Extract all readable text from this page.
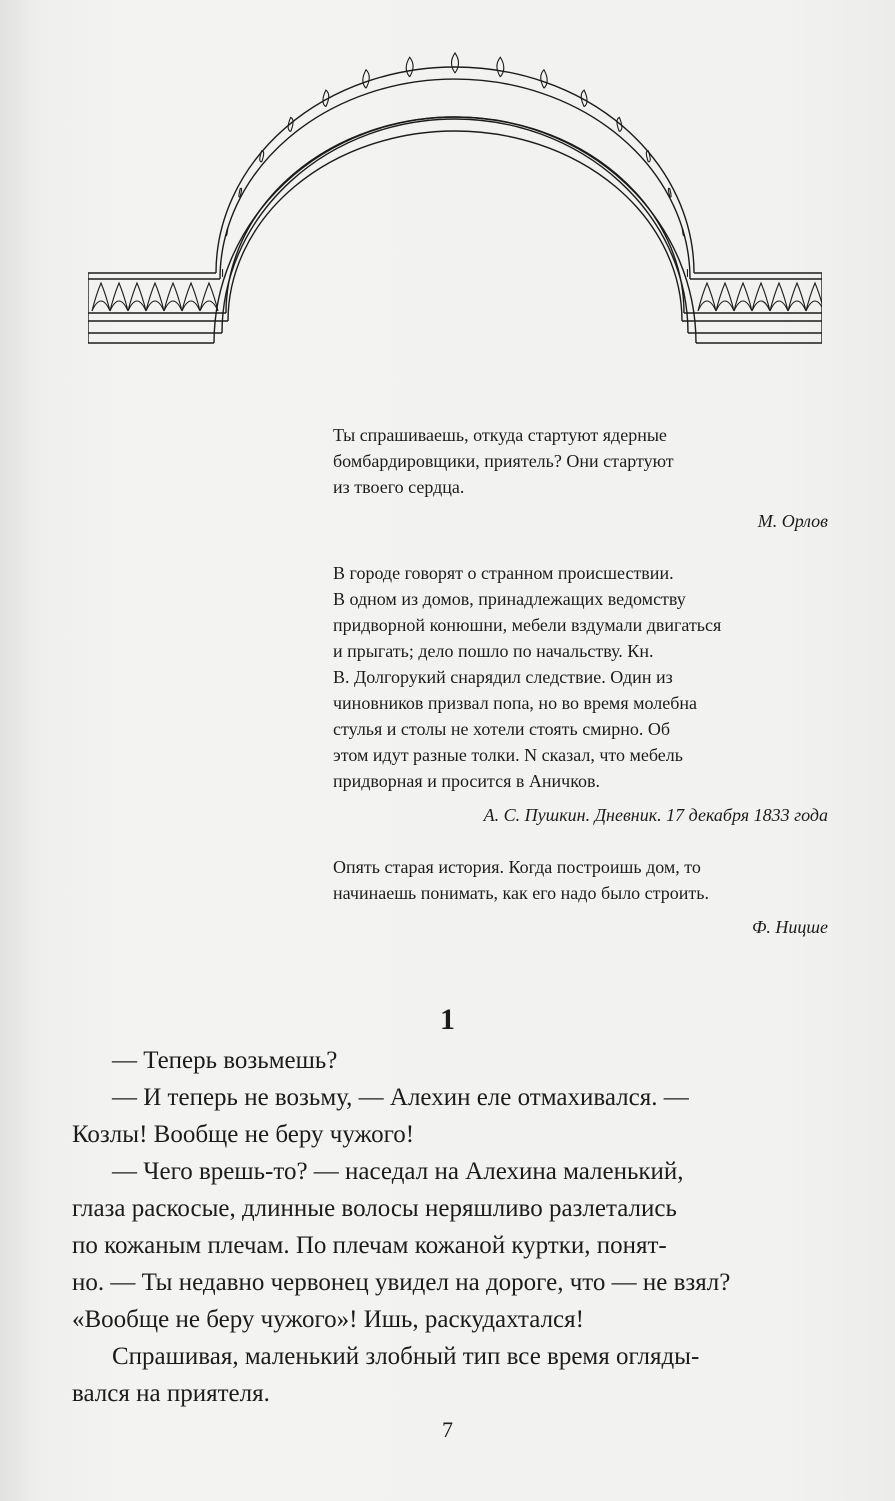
Ты спрашиваешь, откуда стартуют ядерные
бомбардировщики, приятель? Они стартуют
из твоего сердца.
М. Орлов
В городе говорят о странном происшествии.
В одном из домов, принадлежащих ведомству
придворной конюшни, мебели вздумали двигаться
и прыгать; дело пошло по начальству. Кн.
В. Долгорукий снарядил следствие. Один из
чиновников призвал попа, но во время молебна
стулья и столы не хотели стоять смирно. Об
этом идут разные толки. N сказал, что мебель
придворная и просится в Аничков.
А. С. Пушкин. Дневник. 17 декабря 1833 года
Опять старая история. Когда построишь дом, то
начинаешь понимать, как его надо было строить.
Ф. Ницше
1
— Теперь возьмешь?
— И теперь не возьму, — Алехин еле отмахивался. —
Козлы! Вообще не беру чужого!
— Чего врешь-то? — наседал на Алехина маленький,
глаза раскосые, длинные волосы неряшливо разлетались
по кожаным плечам. По плечам кожаной куртки, понят-
но. — Ты недавно червонец увидел на дороге, что — не взял?
«Вообще не беру чужого»! Ишь, раскудахтался!
Спрашивая, маленький злобный тип все время огляды-
вался на приятеля.
7
